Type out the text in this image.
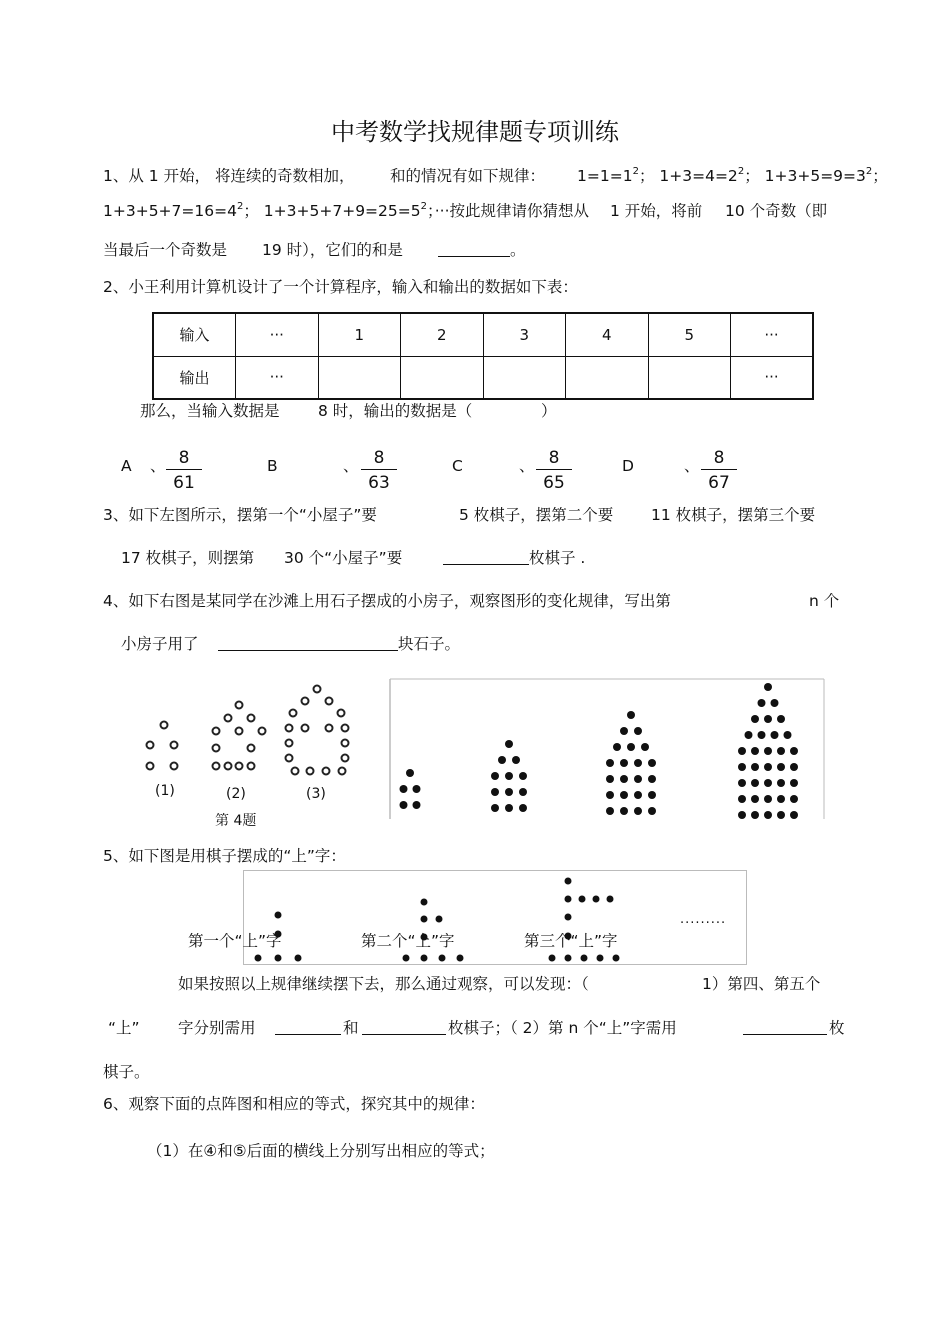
中考数学找规律题专项训练
1、从 1 开始， 将连续的奇数相加， 和的情况有如下规律： $1=1=1^2$； $1+3=4=2^2$； $1+3+5=9=3^2$；
$1+3+5+7=16=4^2$； $1+3+5+7+9=25=5^2$；···按此规律请你猜想从 1 开始，将前 10 个奇数（即
当最后一个奇数是 19 时），它们的和是	。
2、小王利用计算机设计了一个计算程序，输入和输出的数据如下表：
输入	···	1	2	3	4	5	···
输出	···						···
那么，当输入数据是 8 时，输出的数据是（	）
A 、 $\frac{8}{61}$	B	、 $\frac{8}{63}$	C	、 $\frac{8}{65}$	D	、 $\frac{8}{67}$
3、如下左图所示，摆第一个“小屋子”要	5 枚棋子，摆第二个要 11 枚棋子，摆第三个要
17 枚棋子，则摆第 30 个“小屋子”要	枚棋子 .
4、如下右图是某同学在沙滩上用石子摆成的小房子，观察图形的变化规律，写出第	n 个
小房子用了	块石子。
(1)	(2)	(3)
第 4题
5、如下图是用棋子摆成的“上”字：
第一个“上”字	第二个“上”字	第三个“上”字
·········
如果按照以上规律继续摆下去，那么通过观察，可以发现：（	1）第四、第五个
“上” 字分别需用	和	枚棋子；（ 2）第 n 个“上”字需用	枚
棋子。
6、观察下面的点阵图和相应的等式，探究其中的规律：
（1）在④和⑤后面的横线上分别写出相应的等式；
